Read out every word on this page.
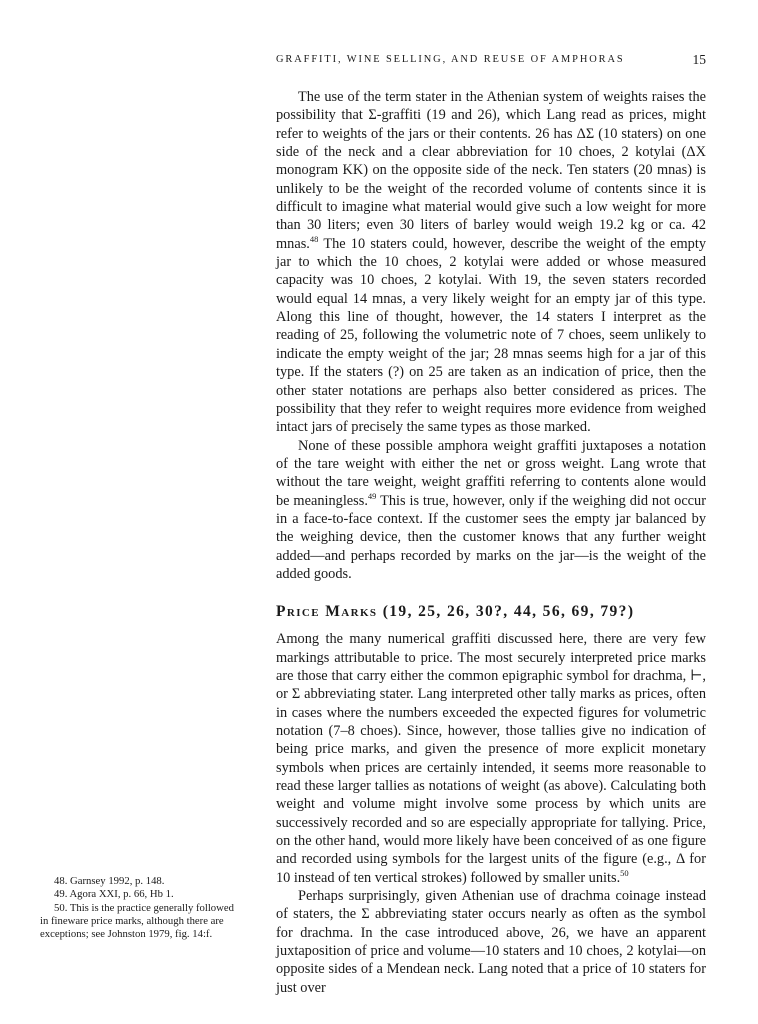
GRAFFITI, WINE SELLING, AND REUSE OF AMPHORAS	15

The use of the term stater in the Athenian system of weights raises the possibility that Σ-graffiti (19 and 26), which Lang read as prices, might refer to weights of the jars or their contents. 26 has ΔΣ (10 staters) on one side of the neck and a clear abbreviation for 10 choes, 2 kotylai (ΔX monogram KK) on the opposite side of the neck. Ten staters (20 mnas) is unlikely to be the weight of the recorded volume of contents since it is difficult to imagine what material would give such a low weight for more than 30 liters; even 30 liters of barley would weigh 19.2 kg or ca. 42 mnas.$^{48}$ The 10 staters could, however, describe the weight of the empty jar to which the 10 choes, 2 kotylai were added or whose measured capacity was 10 choes, 2 kotylai. With 19, the seven staters recorded would equal 14 mnas, a very likely weight for an empty jar of this type. Along this line of thought, however, the 14 staters I interpret as the reading of 25, following the volumetric note of 7 choes, seem unlikely to indicate the empty weight of the jar; 28 mnas seems high for a jar of this type. If the staters (?) on 25 are taken as an indication of price, then the other stater notations are perhaps also better considered as prices. The possibility that they refer to weight requires more evidence from weighed intact jars of precisely the same types as those marked.

None of these possible amphora weight graffiti juxtaposes a notation of the tare weight with either the net or gross weight. Lang wrote that without the tare weight, weight graffiti referring to contents alone would be meaningless.$^{49}$ This is true, however, only if the weighing did not occur in a face-to-face context. If the customer sees the empty jar balanced by the weighing device, then the customer knows that any further weight added—and perhaps recorded by marks on the jar—is the weight of the added goods.

Price Marks (19, 25, 26, 30?, 44, 56, 69, 79?)

Among the many numerical graffiti discussed here, there are very few markings attributable to price. The most securely interpreted price marks are those that carry either the common epigraphic symbol for drachma, ⊢, or Σ abbreviating stater. Lang interpreted other tally marks as prices, often in cases where the numbers exceeded the expected figures for volumetric notation (7–8 choes). Since, however, those tallies give no indication of being price marks, and given the presence of more explicit monetary symbols when prices are certainly intended, it seems more reasonable to read these larger tallies as notations of weight (as above). Calculating both weight and volume might involve some process by which units are successively recorded and so are especially appropriate for tallying. Price, on the other hand, would more likely have been conceived of as one figure and recorded using symbols for the largest units of the figure (e.g., Δ for 10 instead of ten vertical strokes) followed by smaller units.$^{50}$

Perhaps surprisingly, given Athenian use of drachma coinage instead of staters, the Σ abbreviating stater occurs nearly as often as the symbol for drachma. In the case introduced above, 26, we have an apparent juxtaposition of price and volume—10 staters and 10 choes, 2 kotylai—on opposite sides of a Mendean neck. Lang noted that a price of 10 staters for just over

48. Garnsey 1992, p. 148.

49. Agora XXI, p. 66, Hb 1.

50. This is the practice generally followed in fineware price marks, although there are exceptions; see Johnston 1979, fig. 14:f.
